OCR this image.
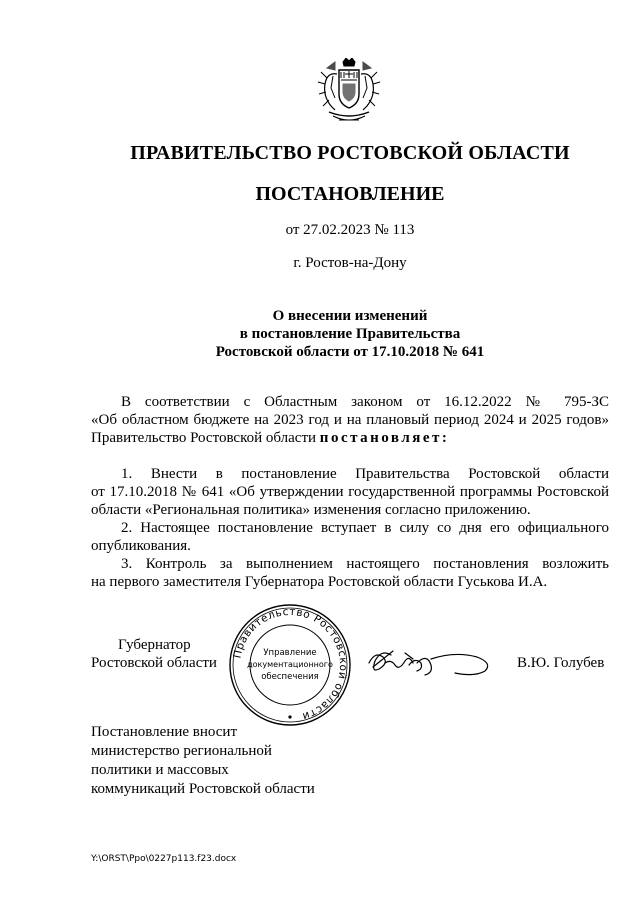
ПРАВИТЕЛЬСТВО РОСТОВСКОЙ ОБЛАСТИ
ПОСТАНОВЛЕНИЕ
от 27.02.2023 № 113
г. Ростов-на-Дону
О внесении изменений
в постановление Правительства
Ростовской области от 17.10.2018 № 641
В соответствии с Областным законом от 16.12.2022 № 795-ЗС
«Об областном бюджете на 2023 год и на плановый период 2024 и 2025 годов»
Правительство Ростовской области постановляет:
1. Внести в постановление Правительства Ростовской области
от 17.10.2018 № 641 «Об утверждении государственной программы Ростовской
области «Региональная политика» изменения согласно приложению.
2. Настоящее постановление вступает в силу со дня его официального
опубликования.
3. Контроль за выполнением настоящего постановления возложить
на первого заместителя Губернатора Ростовской области Гуськова И.А.
Губернатор
Ростовской области	В.Ю. Голубев
Правительство Ростовской области
Управление
документационного
обеспечения
Постановление вносит
министерство региональной
политики и массовых
коммуникаций Ростовской области
Y:\ORST\Ppo\0227p113.f23.docx
